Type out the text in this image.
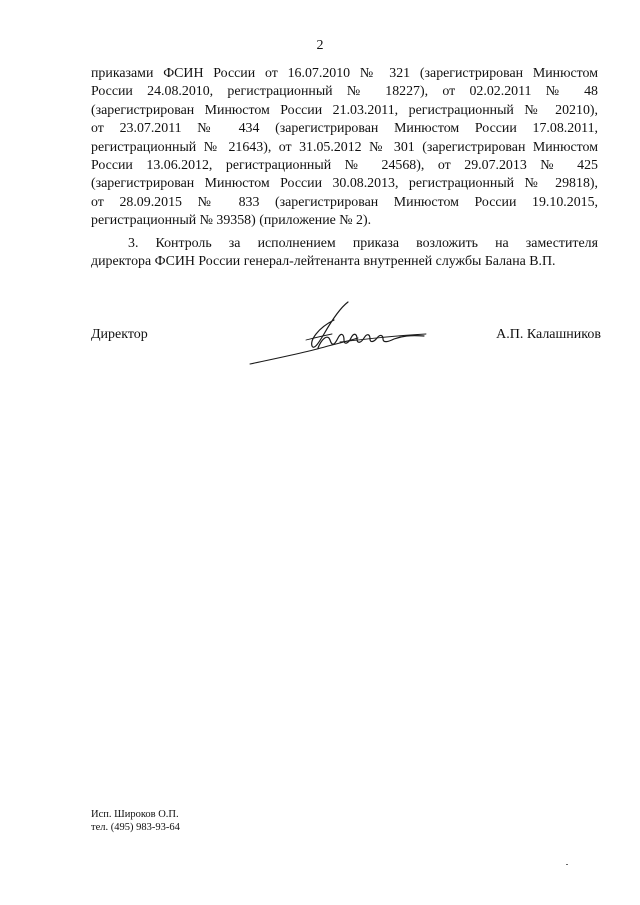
2
приказами ФСИН России от 16.07.2010 № 321 (зарегистрирован Минюстом
России 24.08.2010, регистрационный № 18227), от 02.02.2011 № 48
(зарегистрирован Минюстом России 21.03.2011, регистрационный № 20210),
от 23.07.2011 № 434 (зарегистрирован Минюстом России 17.08.2011,
регистрационный № 21643), от 31.05.2012 № 301 (зарегистрирован Минюстом
России 13.06.2012, регистрационный № 24568), от 29.07.2013 № 425
(зарегистрирован Минюстом России 30.08.2013, регистрационный № 29818),
от 28.09.2015 № 833 (зарегистрирован Минюстом России 19.10.2015,
регистрационный № 39358) (приложение № 2).
3. Контроль за исполнением приказа возложить на заместителя
директора ФСИН России генерал-лейтенанта внутренней службы Балана В.П.
Директор	А.П. Калашников
Исп. Широков О.П.
тел. (495) 983-93-64
